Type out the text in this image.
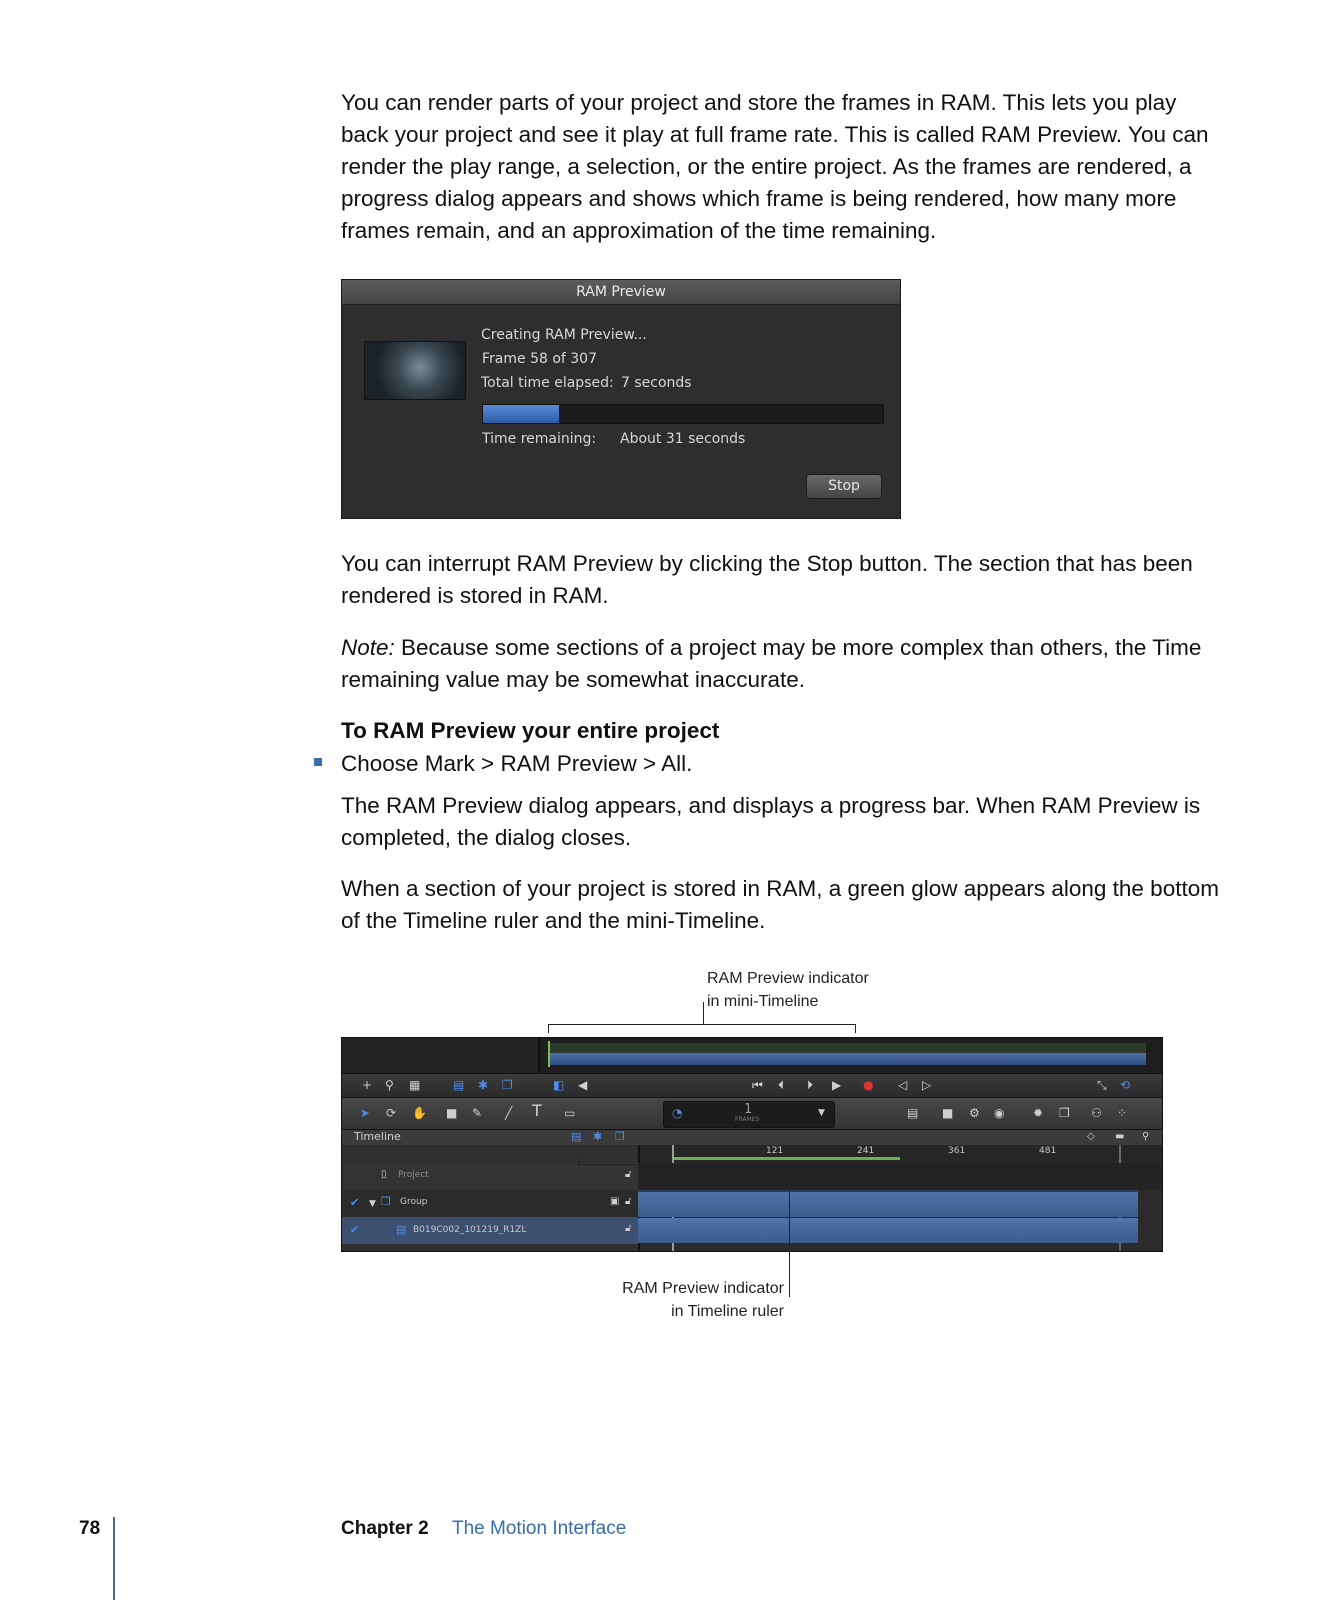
You can render parts of your project and store the frames in RAM. This lets you play back your project and see it play at full frame rate. This is called RAM Preview. You can render the play range, a selection, or the entire project. As the frames are rendered, a progress dialog appears and shows which frame is being rendered, how many more frames remain, and an approximation of the time remaining.

RAM Preview
Creating RAM Preview...
Frame 58 of 307
Total time elapsed: 7 seconds
Time remaining: About 31 seconds
Stop

You can interrupt RAM Preview by clicking the Stop button. The section that has been rendered is stored in RAM.

Note: Because some sections of a project may be more complex than others, the Time remaining value may be somewhat inaccurate.

To RAM Preview your entire project
Choose Mark > RAM Preview > All.

The RAM Preview dialog appears, and displays a progress bar. When RAM Preview is completed, the dialog closes.

When a section of your project is stored in RAM, a green glow appears along the bottom of the Timeline ruler and the mini-Timeline.

RAM Preview indicator
in mini-Timeline
+ ⚲ ▦	▤ ✱ ❐	◧ ◀	⏮ ⏴ ⏵ ▶ ● ◁ ▷	⤡ ⟲
➤ ⟳ ✋ ■ ✎ ╱ T ▭	◔	1
FRAMES
▼	▤ ■ ⚙ ◉ ✹ ❐ ⚇ ⁘
Timeline	▤ ✱ ❐	◇ ▬ ⚲
121	241	361	481
▯ Project	🔓︎
✔ ▼ ❐ Group	▣ 🔓︎
✔	▤ B019C002_101219_R1ZL	🔓︎
RAM Preview indicator
in Timeline ruler
78	Chapter 2 The Motion Interface
